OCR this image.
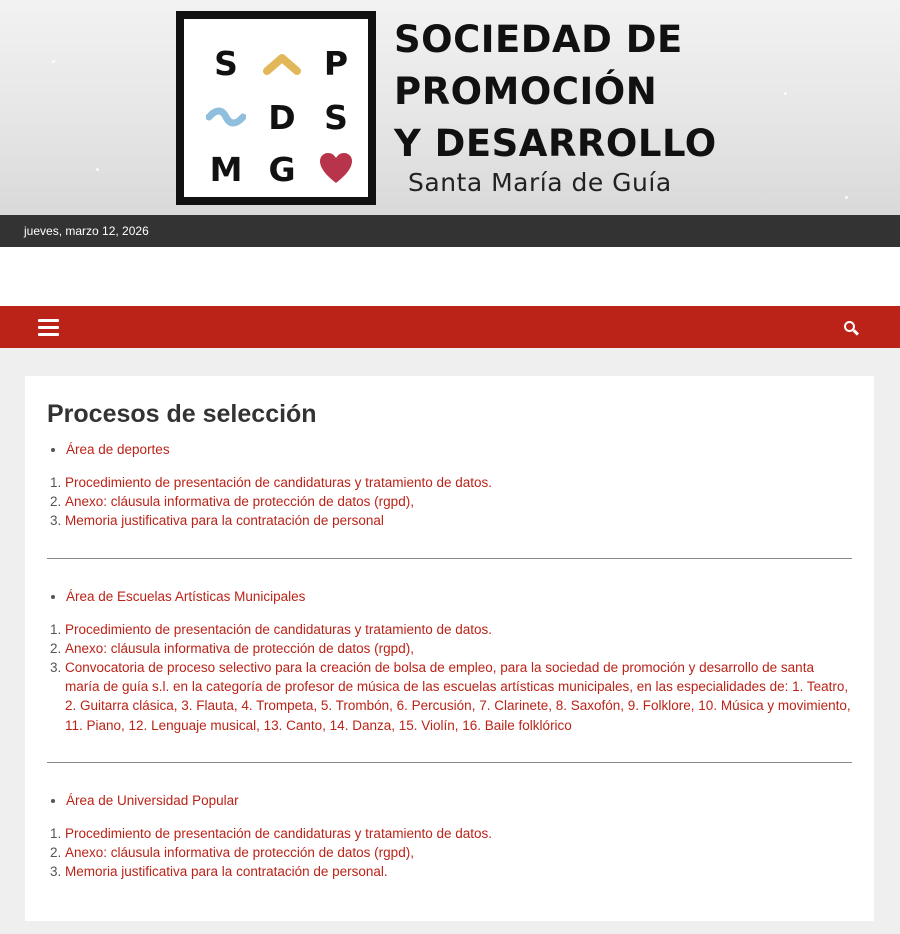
S	P
D S
M G
SOCIEDAD DE
PROMOCIÓN
Y DESARROLLO
Santa María de Guía
jueves, marzo 12, 2026
Procesos de selección
• Área de deportes
1. Procedimiento de presentación de candidaturas y tratamiento de datos.
2. Anexo: cláusula informativa de protección de datos (rgpd),
3. Memoria justificativa para la contratación de personal
• Área de Escuelas Artísticas Municipales
1. Procedimiento de presentación de candidaturas y tratamiento de datos.
2. Anexo: cláusula informativa de protección de datos (rgpd),
3. Convocatoria de proceso selectivo para la creación de bolsa de empleo, para la sociedad de promoción y desarrollo de santa maría de guía s.l. en la categoría de profesor de música de las escuelas artísticas municipales, en las especialidades de: 1. Teatro, 2. Guitarra clásica, 3. Flauta, 4. Trompeta, 5. Trombón, 6. Percusión, 7. Clarinete, 8. Saxofón, 9. Folklore, 10. Música y movimiento, 11. Piano, 12. Lenguaje musical, 13. Canto, 14. Danza, 15. Violín, 16. Baile folklórico
• Área de Universidad Popular
1. Procedimiento de presentación de candidaturas y tratamiento de datos.
2. Anexo: cláusula informativa de protección de datos (rgpd),
3. Memoria justificativa para la contratación de personal.
